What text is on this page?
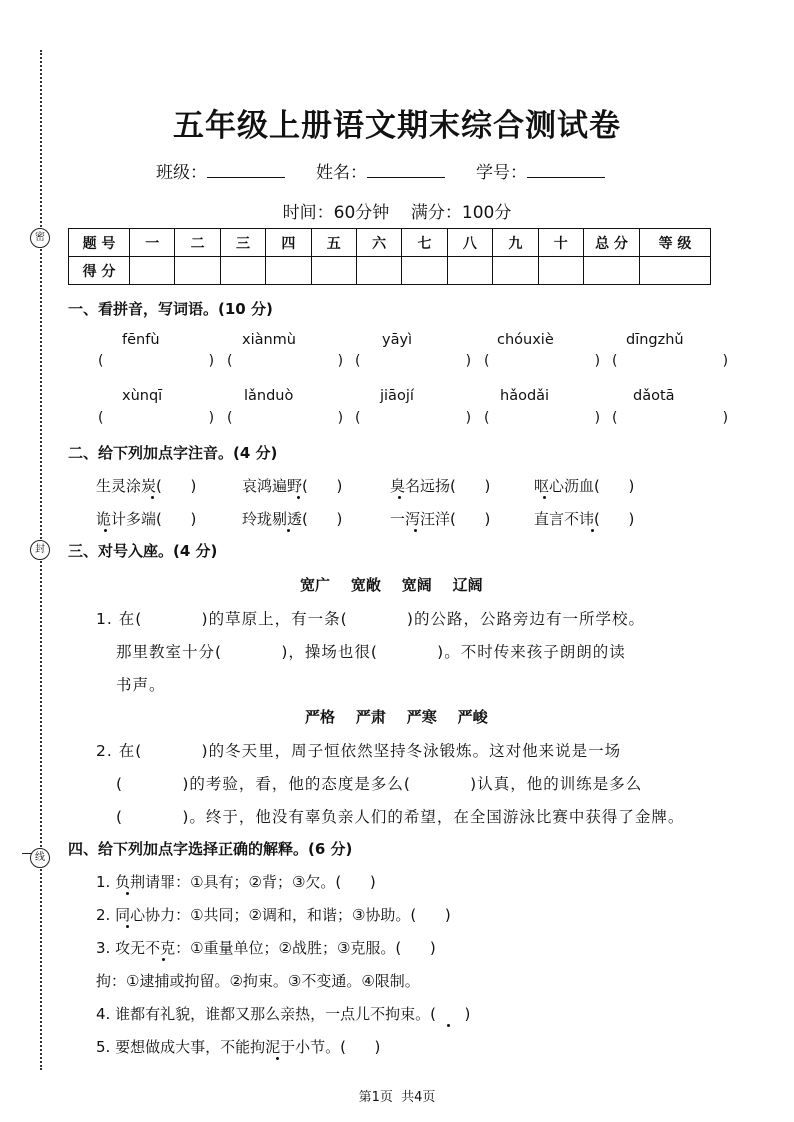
密
封
线
五年级上册语文期末综合测试卷
班级：	姓名：	学号：
时间：60分钟    满分：100分
题 号	一	二	三	四	五	六	七	八	九	十	总 分	等 级
得 分												
一、看拼音，写词语。(10 分)
fēnfù	xiànmù	yāyì	chóuxiè	dīngzhǔ
(                ) (                ) (                ) (                ) (                )
xùnqī	lǎnduò	jiāojí	hǎodǎi	dǎotā
(                ) (                ) (                ) (                ) (                )
二、给下列加点字注音。(4 分)
生灵涂炭(      )	哀鸿遍野(      )	臭名远扬(      )	呕心沥血(      )
诡计多端(      )	玲珑剔透(      )	一泻汪洋(      )	直言不讳(      )
三、对号入座。(4 分)
宽广    宽敞    宽阔    辽阔
1. 在(          )的草原上，有一条(          )的公路，公路旁边有一所学校。
那里教室十分(          )，操场也很(          )。不时传来孩子朗朗的读
书声。
严格    严肃    严寒    严峻
2. 在(          )的冬天里，周子恒依然坚持冬泳锻炼。这对他来说是一场
(          )的考验，看，他的态度是多么(          )认真，他的训练是多么
(          )。终于，他没有辜负亲人们的希望，在全国游泳比赛中获得了金牌。
四、给下列加点字选择正确的解释。(6 分)
1. 负荆请罪：①具有；②背；③欠。(      )
2. 同心协力：①共同；②调和，和谐；③协助。(      )
3. 攻无不克：①重量单位；②战胜；③克服。(      )
拘：①逮捕或拘留。②拘束。③不变通。④限制。
4. 谁都有礼貌，谁都又那么亲热，一点儿不拘束。(      )
5. 要想做成大事，不能拘泥于小节。(      )
第1页  共4页
